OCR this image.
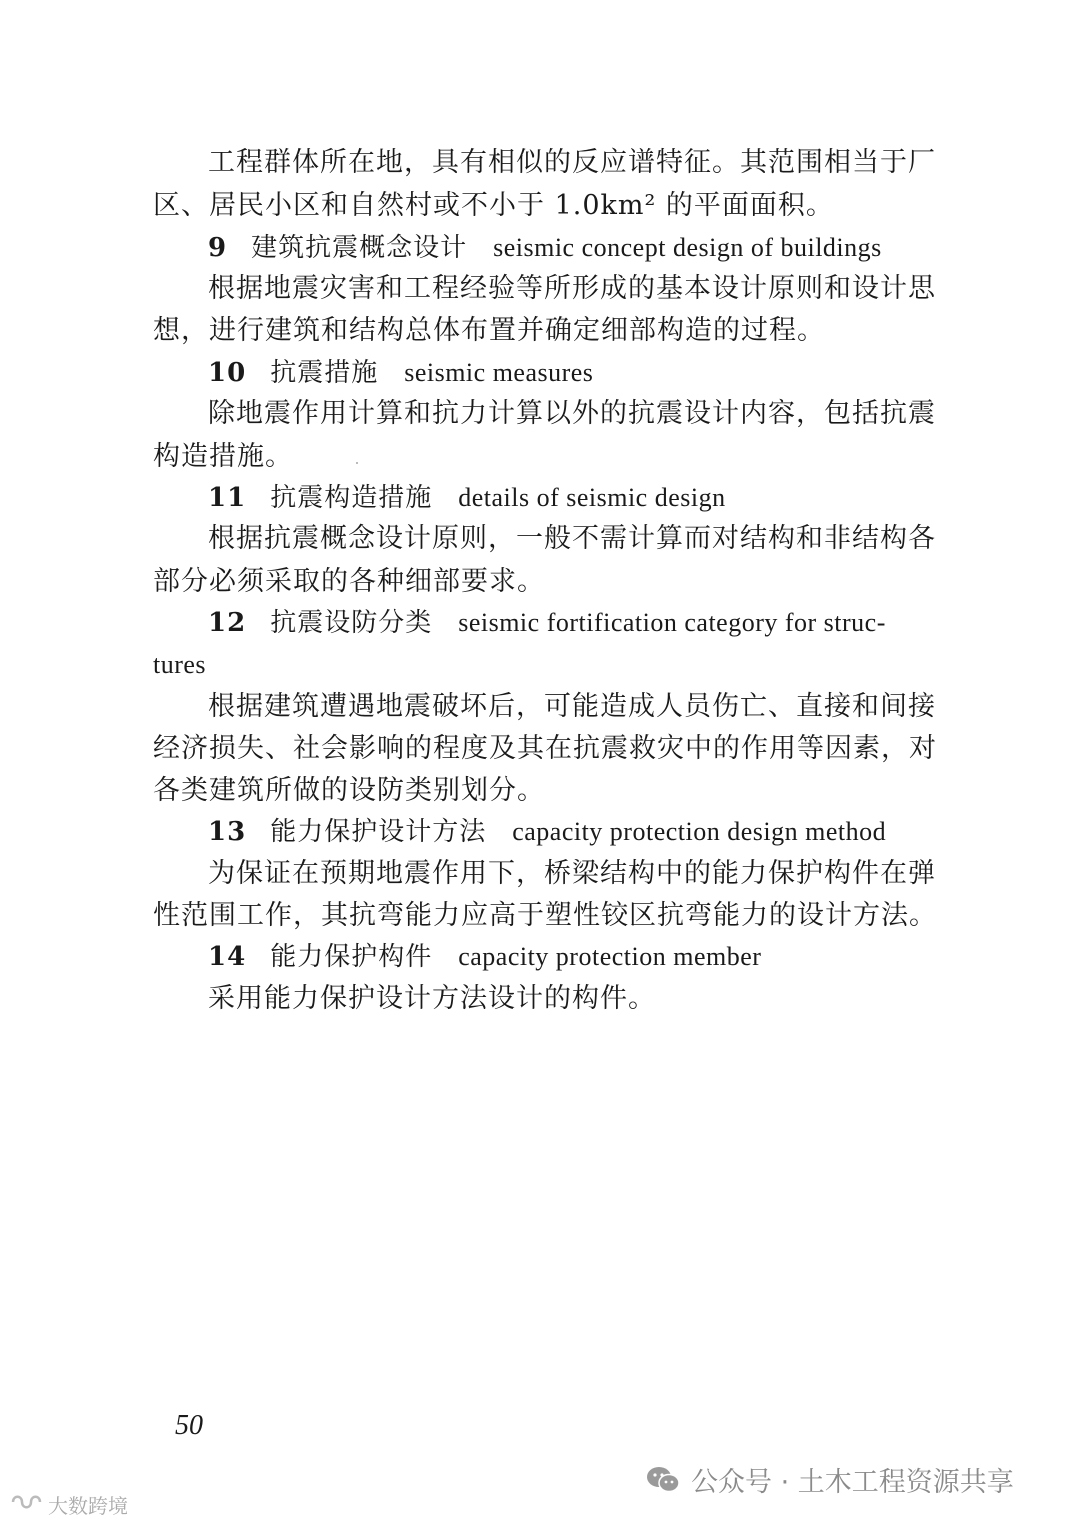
工程群体所在地，具有相似的反应谱特征。其范围相当于厂
区、居民小区和自然村或不小于 1.0km² 的平面面积。
9 建筑抗震概念设计 seismic concept design of buildings
根据地震灾害和工程经验等所形成的基本设计原则和设计思
想，进行建筑和结构总体布置并确定细部构造的过程。
10 抗震措施 seismic measures
除地震作用计算和抗力计算以外的抗震设计内容，包括抗震
构造措施。
11 抗震构造措施 details of seismic design
根据抗震概念设计原则，一般不需计算而对结构和非结构各
部分必须采取的各种细部要求。
12 抗震设防分类 seismic fortification category for struc-
tures
根据建筑遭遇地震破坏后，可能造成人员伤亡、直接和间接
经济损失、社会影响的程度及其在抗震救灾中的作用等因素，对
各类建筑所做的设防类别划分。
13 能力保护设计方法 capacity protection design method
为保证在预期地震作用下，桥梁结构中的能力保护构件在弹
性范围工作，其抗弯能力应高于塑性铰区抗弯能力的设计方法。
14 能力保护构件 capacity protection member
采用能力保护设计方法设计的构件。
50
大数跨境
公众号 · 土木工程资源共享
